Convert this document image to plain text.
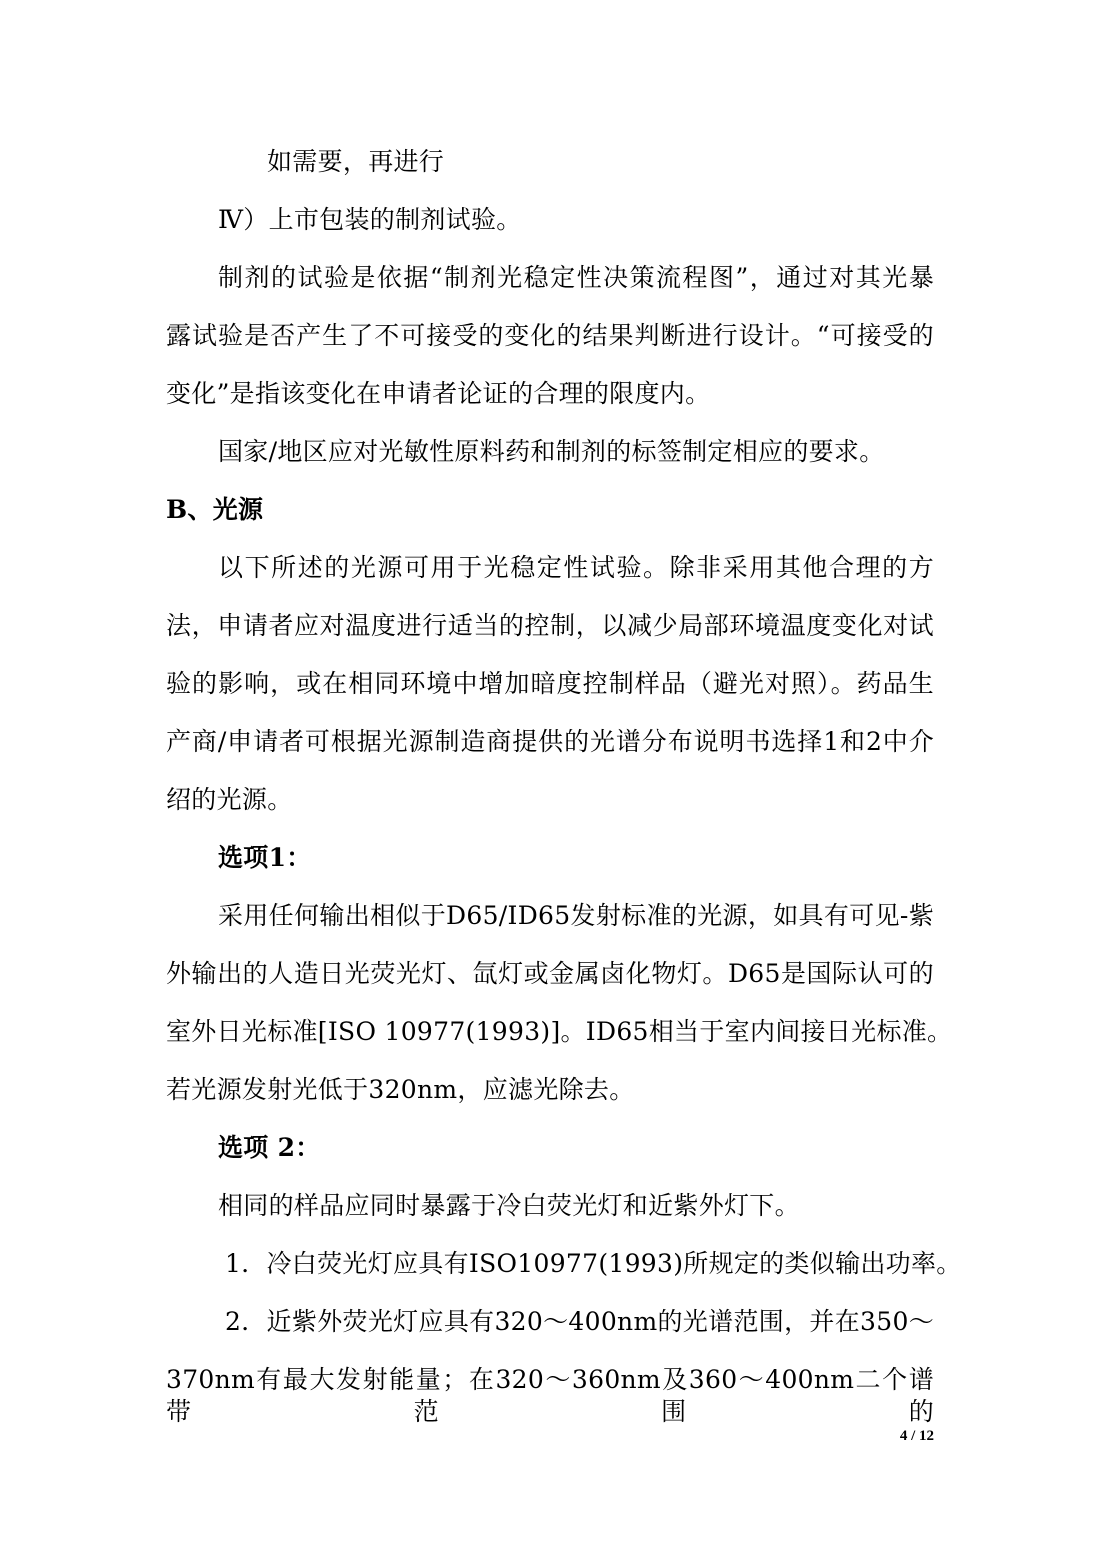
如需要，再进行
Ⅳ）上市包装的制剂试验。
制剂的试验是依据“制剂光稳定性决策流程图”，通过对其光暴
露试验是否产生了不可接受的变化的结果判断进行设计。“可接受的
变化”是指该变化在申请者论证的合理的限度内。
国家/地区应对光敏性原料药和制剂的标签制定相应的要求。
B、光源
以下所述的光源可用于光稳定性试验。除非采用其他合理的方
法，申请者应对温度进行适当的控制，以减少局部环境温度变化对试
验的影响，或在相同环境中增加暗度控制样品（避光对照）。药品生
产商/申请者可根据光源制造商提供的光谱分布说明书选择1和2中介
绍的光源。
选项1：
采用任何输出相似于D65/ID65发射标准的光源，如具有可见-紫
外输出的人造日光荧光灯、氙灯或金属卤化物灯。D65是国际认可的
室外日光标准[ISO 10977(1993)]。ID65相当于室内间接日光标准。
若光源发射光低于320nm，应滤光除去。
选项 2：
相同的样品应同时暴露于冷白荧光灯和近紫外灯下。
1．冷白荧光灯应具有ISO10977(1993)所规定的类似输出功率。
2．近紫外荧光灯应具有320～400nm的光谱范围，并在350～
370nm有最大发射能量；在320～360nm及360～400nm二个谱带范围的
4 / 12
